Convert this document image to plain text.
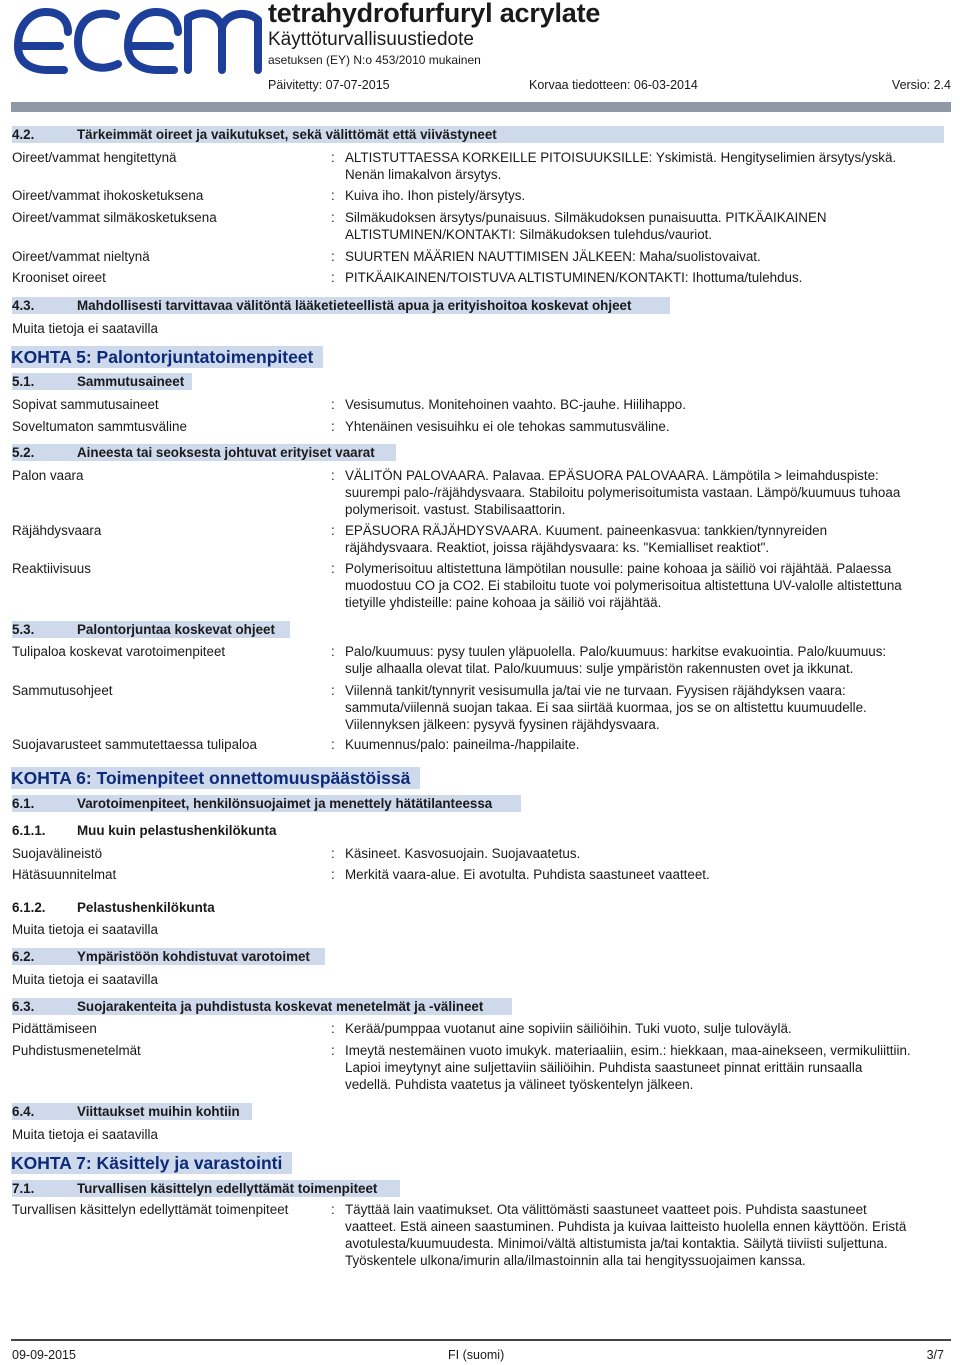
tetrahydrofurfuryl acrylate
Käyttöturvallisuustiedote
asetuksen (EY) N:o 453/2010 mukainen
Päivitetty: 07-07-2015	Korvaa tiedotteen: 06-03-2014	Versio: 2.4
4.2.	Tärkeimmät oireet ja vaikutukset, sekä välittömät että viivästyneet
Oireet/vammat hengitettynä	: ALTISTUTTAESSA KORKEILLE PITOISUUKSILLE: Yskimistä. Hengityselimien ärsytys/yskä.
Nenän limakalvon ärsytys.
Oireet/vammat ihokosketuksena	: Kuiva iho. Ihon pistely/ärsytys.
Oireet/vammat silmäkosketuksena	: Silmäkudoksen ärsytys/punaisuus. Silmäkudoksen punaisuutta. PITKÄAIKAINEN
ALTISTUMINEN/KONTAKTI: Silmäkudoksen tulehdus/vauriot.
Oireet/vammat nieltynä	: SUURTEN MÄÄRIEN NAUTTIMISEN JÄLKEEN: Maha/suolistovaivat.
Krooniset oireet	: PITKÄAIKAINEN/TOISTUVA ALTISTUMINEN/KONTAKTI: Ihottuma/tulehdus.
4.3.	Mahdollisesti tarvittavaa välitöntä lääketieteellistä apua ja erityishoitoa koskevat ohjeet
Muita tietoja ei saatavilla
KOHTA 5: Palontorjuntatoimenpiteet
5.1.	Sammutusaineet
Sopivat sammutusaineet	: Vesisumutus. Monitehoinen vaahto. BC-jauhe. Hiilihappo.
Soveltumaton sammtusväline	: Yhtenäinen vesisuihku ei ole tehokas sammutusväline.
5.2.	Aineesta tai seoksesta johtuvat erityiset vaarat
Palon vaara	: VÄLITÖN PALOVAARA. Palavaa. EPÄSUORA PALOVAARA. Lämpötila > leimahduspiste:
suurempi palo-/räjähdysvaara. Stabiloitu polymerisoitumista vastaan. Lämpö/kuumuus tuhoaa
polymerisoit. vastust. Stabilisaattorin.
Räjähdysvaara	: EPÄSUORA RÄJÄHDYSVAARA. Kuument. paineenkasvua: tankkien/tynnyreiden
räjähdysvaara. Reaktiot, joissa räjähdysvaara: ks. "Kemialliset reaktiot".
Reaktiivisuus	: Polymerisoituu altistettuna lämpötilan nousulle: paine kohoaa ja säiliö voi räjähtää. Palaessa
muodostuu CO ja CO2. Ei stabiloitu tuote voi polymerisoitua altistettuna UV-valolle altistettuna
tietyille yhdisteille: paine kohoaa ja säiliö voi räjähtää.
5.3.	Palontorjuntaa koskevat ohjeet
Tulipaloa koskevat varotoimenpiteet	: Palo/kuumuus: pysy tuulen yläpuolella. Palo/kuumuus: harkitse evakuointia. Palo/kuumuus:
sulje alhaalla olevat tilat. Palo/kuumuus: sulje ympäristön rakennusten ovet ja ikkunat.
Sammutusohjeet	: Viilennä tankit/tynnyrit vesisumulla ja/tai vie ne turvaan. Fyysisen räjähdyksen vaara:
sammuta/viilennä suojan takaa. Ei saa siirtää kuormaa, jos se on altistettu kuumuudelle.
Viilennyksen jälkeen: pysyvä fyysinen räjähdysvaara.
Suojavarusteet sammutettaessa tulipaloa	: Kuumennus/palo: paineilma-/happilaite.
KOHTA 6: Toimenpiteet onnettomuuspäästöissä
6.1.	Varotoimenpiteet, henkilönsuojaimet ja menettely hätätilanteessa
6.1.1. Muu kuin pelastushenkilökunta
Suojavälineistö	: Käsineet. Kasvosuojain. Suojavaatetus.
Hätäsuunnitelmat	: Merkitä vaara-alue. Ei avotulta. Puhdista saastuneet vaatteet.
6.1.2. Pelastushenkilökunta
Muita tietoja ei saatavilla
6.2.	Ympäristöön kohdistuvat varotoimet
Muita tietoja ei saatavilla
6.3.	Suojarakenteita ja puhdistusta koskevat menetelmät ja -välineet
Pidättämiseen	: Kerää/pumppaa vuotanut aine sopiviin säiliöihin. Tuki vuoto, sulje tuloväylä.
Puhdistusmenetelmät	: Imeytä nestemäinen vuoto imukyk. materiaaliin, esim.: hiekkaan, maa-ainekseen, vermikuliittiin.
Lapioi imeytynyt aine suljettaviin säiliöihin. Puhdista saastuneet pinnat erittäin runsaalla
vedellä. Puhdista vaatetus ja välineet työskentelyn jälkeen.
6.4.	Viittaukset muihin kohtiin
Muita tietoja ei saatavilla
KOHTA 7: Käsittely ja varastointi
7.1.	Turvallisen käsittelyn edellyttämät toimenpiteet
Turvallisen käsittelyn edellyttämät toimenpiteet	: Täyttää lain vaatimukset. Ota välittömästi saastuneet vaatteet pois. Puhdista saastuneet
vaatteet. Estä aineen saastuminen. Puhdista ja kuivaa laitteisto huolella ennen käyttöön. Eristä
avotulesta/kuumuudesta. Minimoi/vältä altistumista ja/tai kontaktia. Säilytä tiiviisti suljettuna.
Työskentele ulkona/imurin alla/ilmastoinnin alla tai hengityssuojaimen kanssa.
09-09-2015	FI (suomi)	3/7
